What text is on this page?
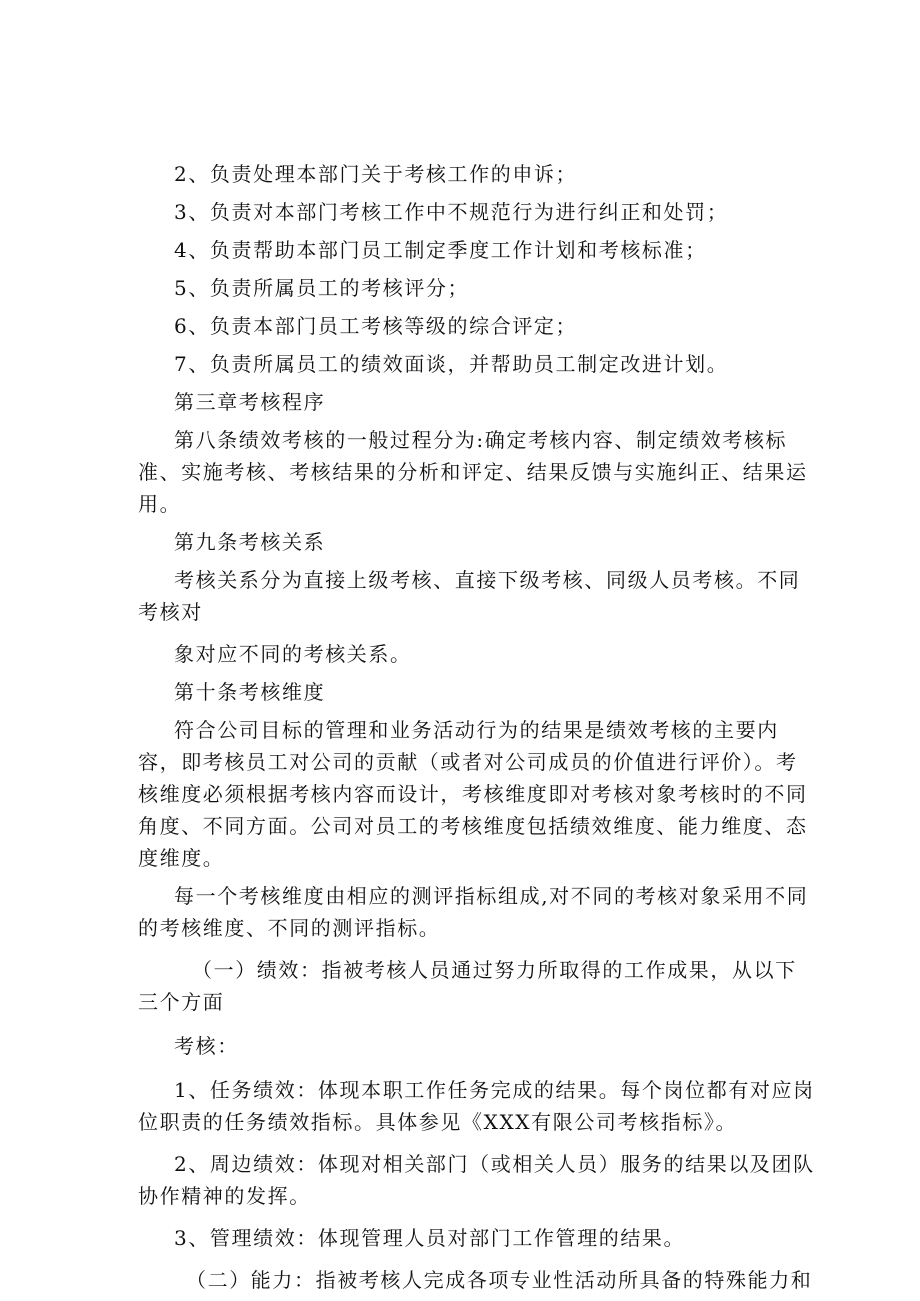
2、负责处理本部门关于考核工作的申诉；

3、负责对本部门考核工作中不规范行为进行纠正和处罚；

4、负责帮助本部门员工制定季度工作计划和考核标准；

5、负责所属员工的考核评分；

6、负责本部门员工考核等级的综合评定；

7、负责所属员工的绩效面谈，并帮助员工制定改进计划。

第三章考核程序

第八条绩效考核的一般过程分为:确定考核内容、制定绩效考核标准、实施考核、考核结果的分析和评定、结果反馈与实施纠正、结果运用。

第九条考核关系

考核关系分为直接上级考核、直接下级考核、同级人员考核。不同考核对

象对应不同的考核关系。

第十条考核维度

符合公司目标的管理和业务活动行为的结果是绩效考核的主要内容，即考核员工对公司的贡献（或者对公司成员的价值进行评价）。考核维度必须根据考核内容而设计，考核维度即对考核对象考核时的不同角度、不同方面。公司对员工的考核维度包括绩效维度、能力维度、态度维度。

每一个考核维度由相应的测评指标组成,对不同的考核对象采用不同的考核维度、不同的测评指标。

（一）绩效：指被考核人员通过努力所取得的工作成果，从以下三个方面

考核：

1、任务绩效：体现本职工作任务完成的结果。每个岗位都有对应岗位职责的任务绩效指标。具体参见《XXX有限公司考核指标》。

2、周边绩效：体现对相关部门（或相关人员）服务的结果以及团队协作精神的发挥。

3、管理绩效：体现管理人员对部门工作管理的结果。

（二）能力：指被考核人完成各项专业性活动所具备的特殊能力和
